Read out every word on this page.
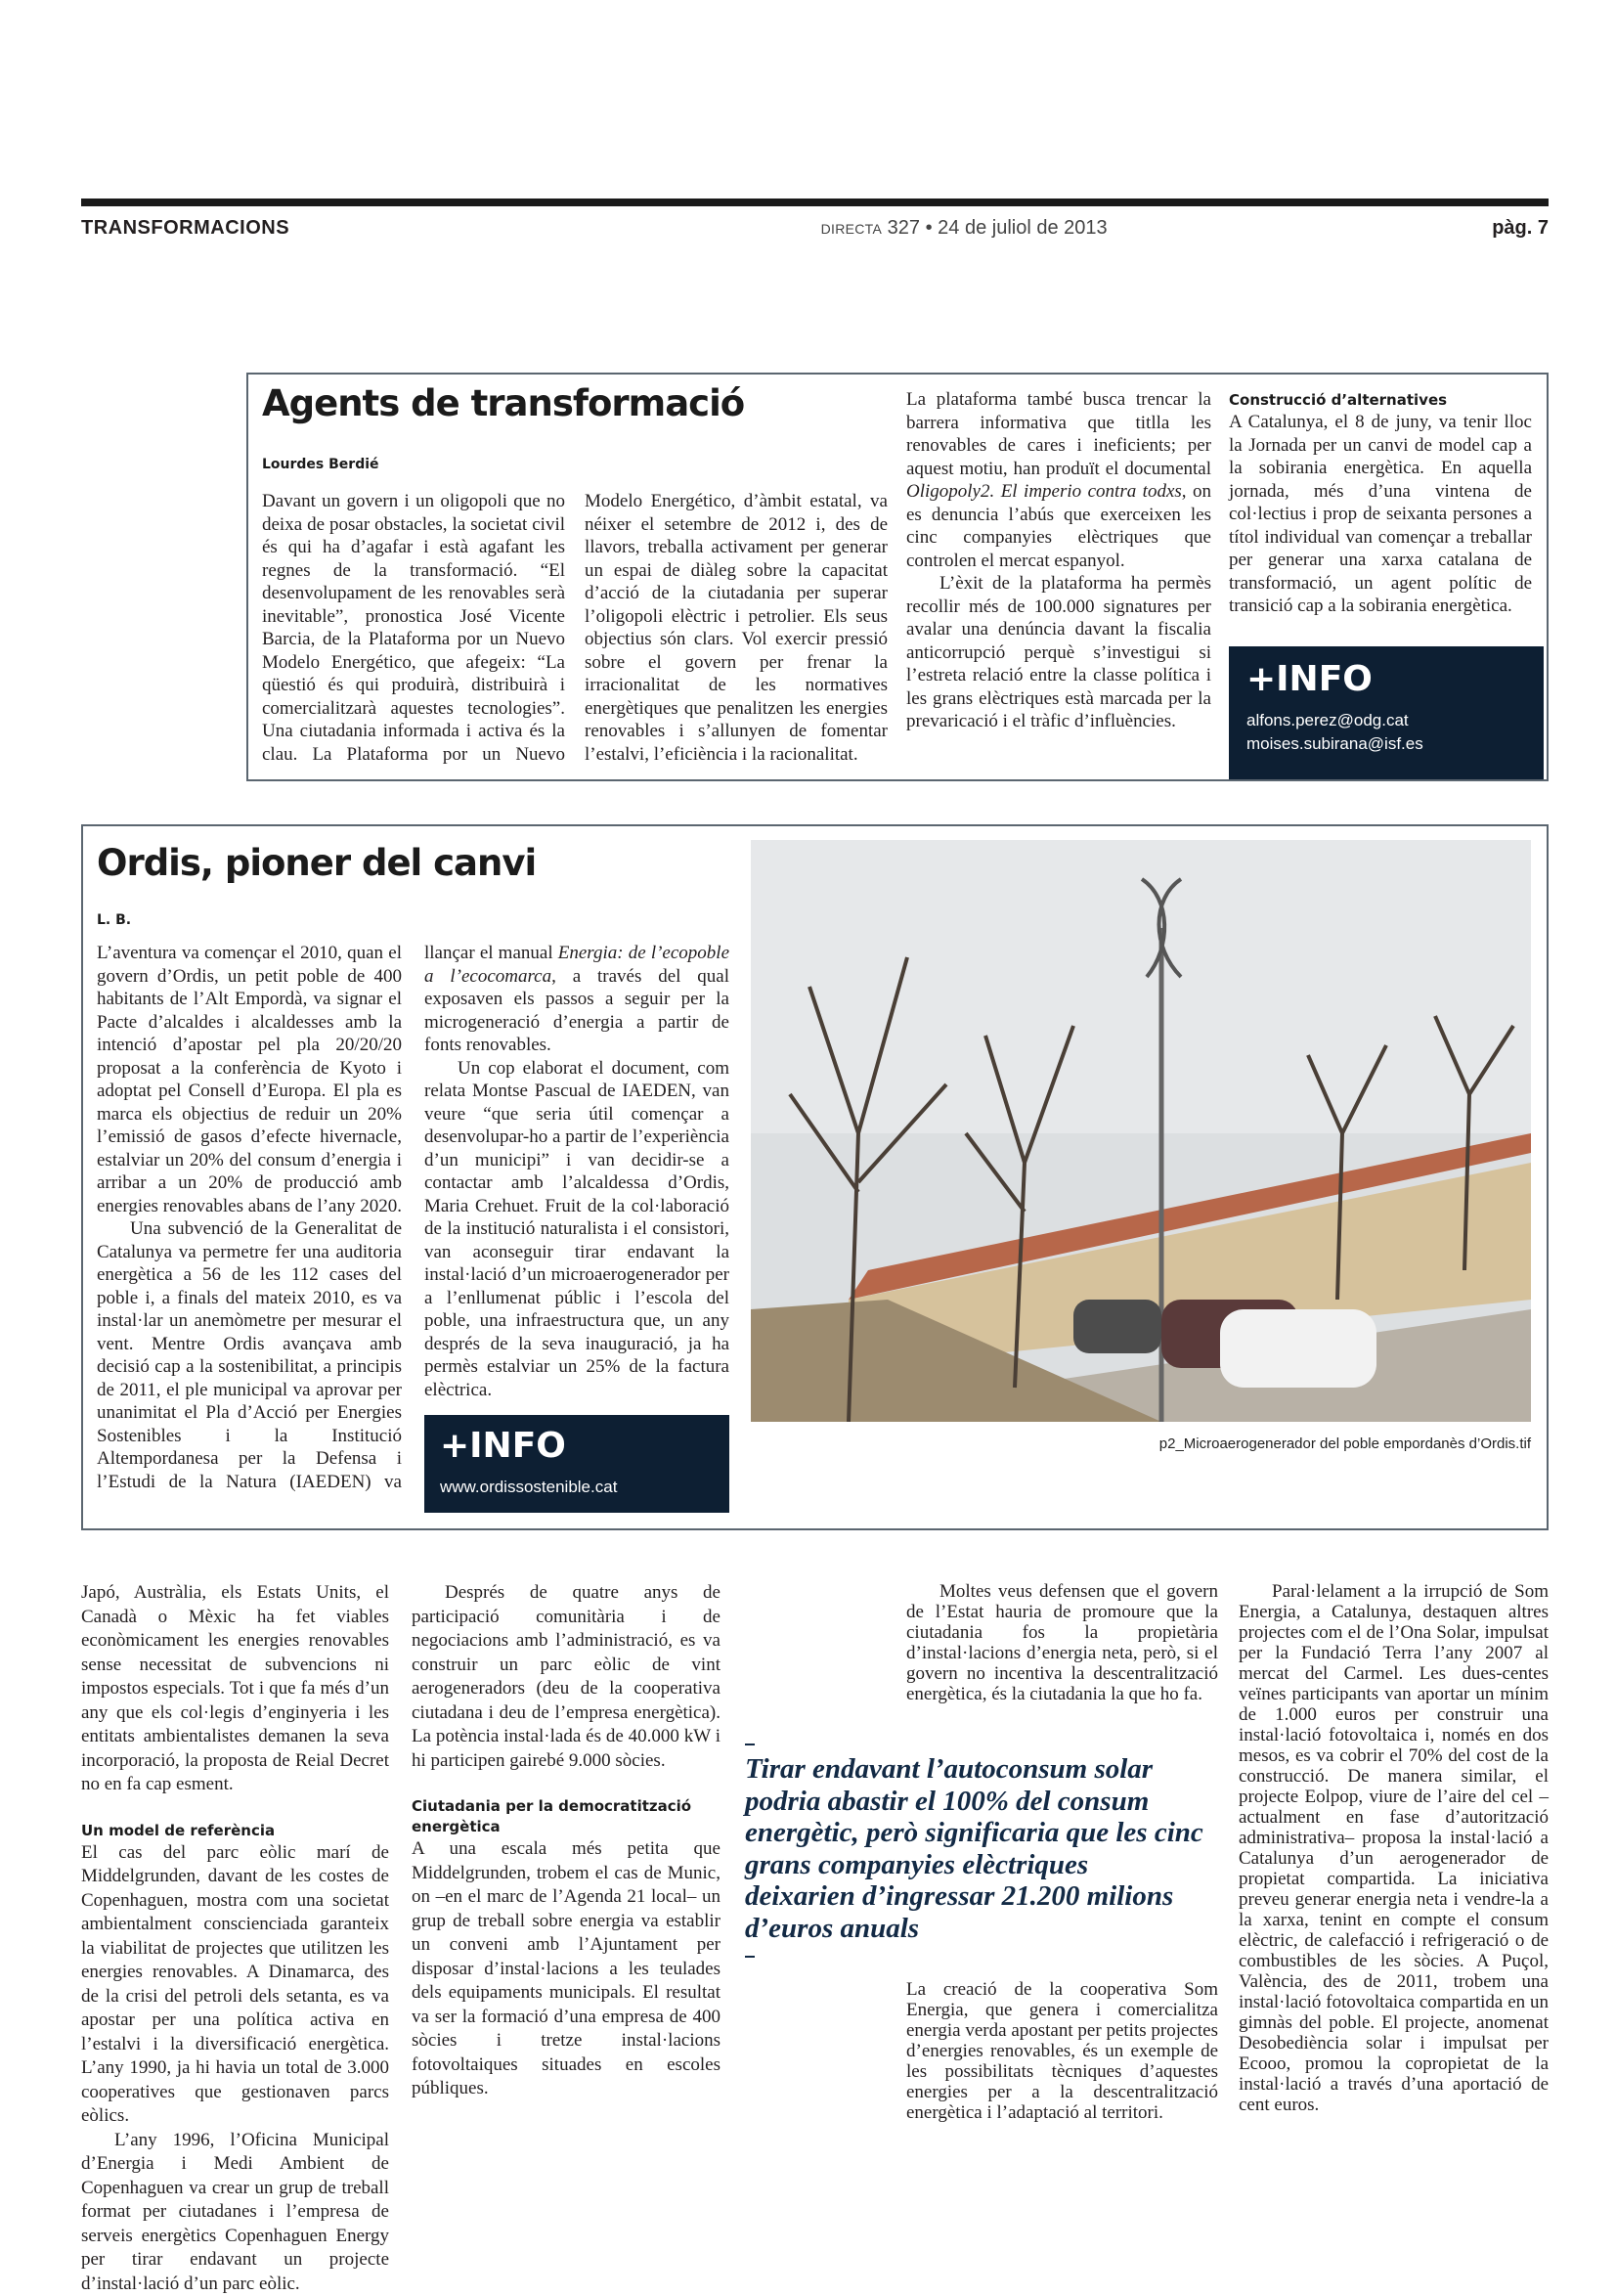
TRANSFORMACIONS	DIRECTA 327 • 24 de juliol de 2013	pàg. 7
Agents de transformació
Lourdes Berdié

Davant un govern i un oligopoli que no deixa de posar obstacles, la societat civil és qui ha d’agafar i està agafant les regnes de la transformació. “El desenvolupament de les renovables serà inevitable”, pronostica José Vicente Barcia, de la Plataforma por un Nuevo Modelo Energético, que afegeix: “La qüestió és qui produirà, distribuirà i comercialitzarà aquestes tecnologies”. Una ciutadania informada i activa és la clau. La Plataforma por un Nuevo Modelo Energético, d’àmbit estatal, va néixer el setembre de 2012 i, des de llavors, treballa activament per generar un espai de diàleg sobre la capacitat d’acció de la ciutadania per superar l’oligopoli elèctric i petrolier. Els seus objectius són clars. Vol exercir pressió sobre el govern per frenar la irracionalitat de les normatives energètiques que penalitzen les energies renovables i s’allunyen de fomentar l’estalvi, l’eficiència i la racionalitat.

La plataforma també busca trencar la barrera informativa que titlla les renovables de cares i ineficients; per aquest motiu, han produït el documental Oligopoly2. El imperio contra todxs, on es denuncia l’abús que exerceixen les cinc companyies elèctriques que controlen el mercat espanyol.

L’èxit de la plataforma ha permès recollir més de 100.000 signatures per avalar una denúncia davant la fiscalia anticorrupció perquè s’investigui si l’estreta relació entre la classe política i les grans elèctriques està marcada per la prevaricació i el tràfic d’influències.

Construcció d’alternatives

A Catalunya, el 8 de juny, va tenir lloc la Jornada per un canvi de model cap a la sobirania energètica. En aquella jornada, més d’una vintena de col·lectius i prop de seixanta persones a títol individual van començar a treballar per generar una xarxa catalana de transformació, un agent polític de transició cap a la sobirania energètica.

+INFO
alfons.perez@odg.cat
moises.subirana@isf.es
Ordis, pioner del canvi
L. B.

L’aventura va començar el 2010, quan el govern d’Ordis, un petit poble de 400 habitants de l’Alt Empordà, va signar el Pacte d’alcaldes i alcaldesses amb la intenció d’apostar pel pla 20/20/20 proposat a la conferència de Kyoto i adoptat pel Consell d’Europa. El pla es marca els objectius de reduir un 20% l’emissió de gasos d’efecte hivernacle, estalviar un 20% del consum d’energia i arribar a un 20% de producció amb energies renovables abans de l’any 2020.

Una subvenció de la Generalitat de Catalunya va permetre fer una auditoria energètica a 56 de les 112 cases del poble i, a finals del mateix 2010, es va instal·lar un anemòmetre per mesurar el vent. Mentre Ordis avançava amb decisió cap a la sostenibilitat, a principis de 2011, el ple municipal va aprovar per unanimitat el Pla d’Acció per Energies Sostenibles i la Institució Altempordanesa per la Defensa i l’Estudi de la Natura (IAEDEN) va llançar el manual Energia: de l’ecopoble a l’ecocomarca, a través del qual exposaven els passos a seguir per la microgeneració d’energia a partir de fonts renovables.

Un cop elaborat el document, com relata Montse Pascual de IAEDEN, van veure “que seria útil començar a desenvolupar-ho a partir de l’experiència d’un municipi” i van decidir-se a contactar amb l’alcaldessa d’Ordis, Maria Crehuet. Fruit de la col·laboració de la institució naturalista i el consistori, van aconseguir tirar endavant la instal·lació d’un microaerogenerador per a l’enllumenat públic i l’escola del poble, una infraestructura que, un any després de la seva inauguració, ja ha permès estalviar un 25% de la factura elèctrica.

+INFO
www.ordissostenible.cat
p2_Microaerogenerador del poble empordanès d’Ordis.tif

Japó, Austràlia, els Estats Units, el Canadà o Mèxic ha fet viables econòmicament les energies renovables sense necessitat de subvencions ni impostos especials. Tot i que fa més d’un any que els col·legis d’enginyeria i les entitats ambientalistes demanen la seva incorporació, la proposta de Reial Decret no en fa cap esment.

Un model de referència

El cas del parc eòlic marí de Middelgrunden, davant de les costes de Copenhaguen, mostra com una societat ambientalment conscienciada garanteix la viabilitat de projectes que utilitzen les energies renovables. A Dinamarca, des de la crisi del petroli dels setanta, es va apostar per una política activa en l’estalvi i la diversificació energètica. L’any 1990, ja hi havia un total de 3.000 cooperatives que gestionaven parcs eòlics.

L’any 1996, l’Oficina Municipal d’Energia i Medi Ambient de Copenhaguen va crear un grup de treball format per ciutadanes i l’empresa de serveis energètics Copenhaguen Energy per tirar endavant un projecte d’instal·lació d’un parc eòlic.

Després de quatre anys de participació comunitària i de negociacions amb l’administració, es va construir un parc eòlic de vint aerogeneradors (deu de la cooperativa ciutadana i deu de l’empresa energètica). La potència instal·lada és de 40.000 kW i hi participen gairebé 9.000 sòcies.

Ciutadania per la democratització energètica

A una escala més petita que Middelgrunden, trobem el cas de Munic, on –en el marc de l’Agenda 21 local– un grup de treball sobre energia va establir un conveni amb l’Ajuntament per disposar d’instal·lacions a les teulades dels equipaments municipals. El resultat va ser la formació d’una empresa de 400 sòcies i tretze instal·lacions fotovoltaiques situades en escoles públiques.

Moltes veus defensen que el govern de l’Estat hauria de promoure que la ciutadania fos la propietària d’instal·lacions d’energia neta, però, si el govern no incentiva la descentralització energètica, és la ciutadania la que ho fa.

Tirar endavant l’autoconsum solar podria abastir el 100% del consum energètic, però significaria que les cinc grans companyies elèctriques deixarien d’ingressar 21.200 milions d’euros anuals

La creació de la cooperativa Som Energia, que genera i comercialitza energia verda apostant per petits projectes d’energies renovables, és un exemple de les possibilitats tècniques d’aquestes energies per a la descentralització energètica i l’adaptació al territori.

Paral·lelament a la irrupció de Som Energia, a Catalunya, destaquen altres projectes com el de l’Ona Solar, impulsat per la Fundació Terra l’any 2007 al mercat del Carmel. Les dues-centes veïnes participants van aportar un mínim de 1.000 euros per construir una instal·lació fotovoltaica i, només en dos mesos, es va cobrir el 70% del cost de la construcció. De manera similar, el projecte Eolpop, viure de l’aire del cel –actualment en fase d’autorització administrativa– proposa la instal·lació a Catalunya d’un aerogenerador de propietat compartida. La iniciativa preveu generar energia neta i vendre-la a la xarxa, tenint en compte el consum elèctric, de calefacció i refrigeració o de combustibles de les sòcies. A Puçol, València, des de 2011, trobem una instal·lació fotovoltaica compartida en un gimnàs del poble. El projecte, anomenat Desobediència solar i impulsat per Ecooo, promou la copropietat de la instal·lació a través d’una aportació de cent euros.
